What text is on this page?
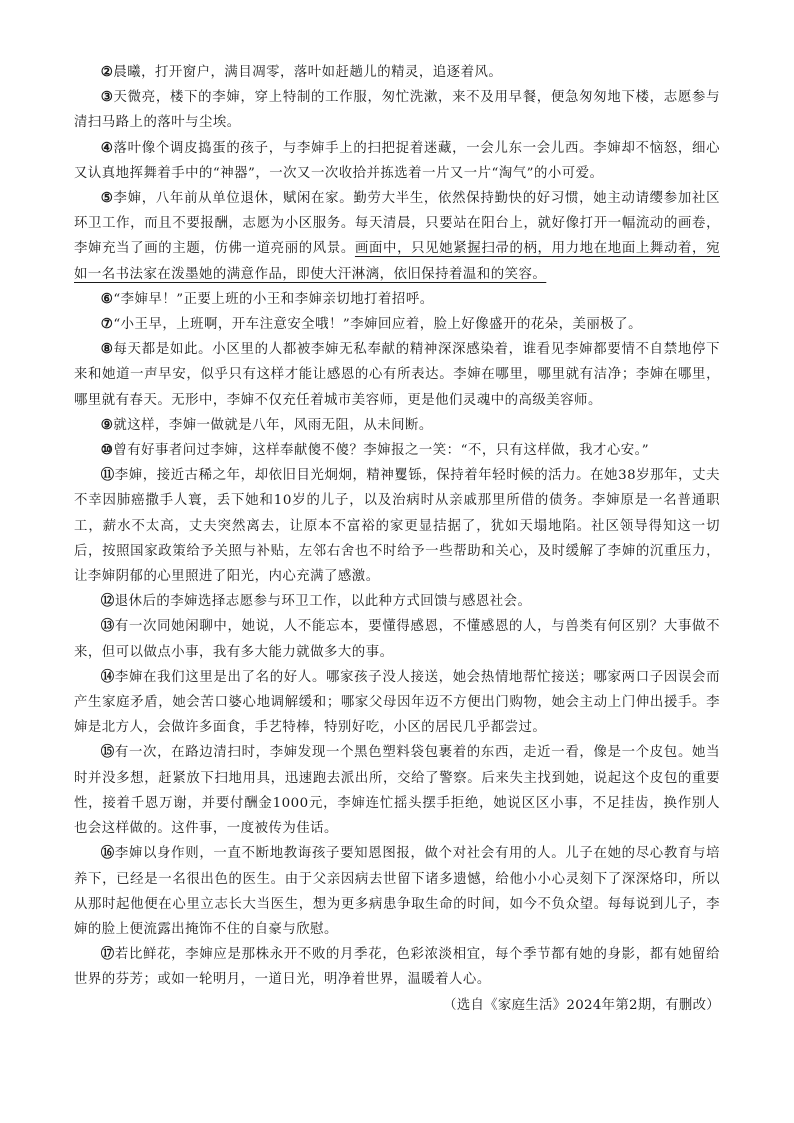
②晨曦，打开窗户，满目凋零，落叶如赶趟儿的精灵，追逐着风。

③天微亮，楼下的李婶，穿上特制的工作服，匆忙洗漱，来不及用早餐，便急匆匆地下楼，志愿参与清扫马路上的落叶与尘埃。

④落叶像个调皮捣蛋的孩子，与李婶手上的扫把捉着迷藏，一会儿东一会儿西。李婶却不恼怒，细心又认真地挥舞着手中的“神器”，一次又一次收拾并拣选着一片又一片“淘气”的小可爱。

⑤李婶，八年前从单位退休，赋闲在家。勤劳大半生，依然保持勤快的好习惯，她主动请缨参加社区环卫工作，而且不要报酬，志愿为小区服务。每天清晨，只要站在阳台上，就好像打开一幅流动的画卷，李婶充当了画的主题，仿佛一道亮丽的风景。画面中，只见她紧握扫帚的柄，用力地在地面上舞动着，宛如一名书法家在泼墨她的满意作品，即使大汗淋漓，依旧保持着温和的笑容。

⑥“李婶早！”正要上班的小王和李婶亲切地打着招呼。

⑦“小王早，上班啊，开车注意安全哦！”李婶回应着，脸上好像盛开的花朵，美丽极了。

⑧每天都是如此。小区里的人都被李婶无私奉献的精神深深感染着，谁看见李婶都要情不自禁地停下来和她道一声早安，似乎只有这样才能让感恩的心有所表达。李婶在哪里，哪里就有洁净；李婶在哪里，哪里就有春天。无形中，李婶不仅充任着城市美容师，更是他们灵魂中的高级美容师。

⑨就这样，李婶一做就是八年，风雨无阻，从未间断。

⑩曾有好事者问过李婶，这样奉献傻不傻？李婶报之一笑：“不，只有这样做，我才心安。”

⑪李婶，接近古稀之年，却依旧目光炯炯，精神矍铄，保持着年轻时候的活力。在她38岁那年，丈夫不幸因肺癌撒手人寰，丢下她和10岁的儿子，以及治病时从亲戚那里所借的债务。李婶原是一名普通职工，薪水不太高，丈夫突然离去，让原本不富裕的家更显拮据了，犹如天塌地陷。社区领导得知这一切后，按照国家政策给予关照与补贴，左邻右舍也不时给予一些帮助和关心，及时缓解了李婶的沉重压力，让李婶阴郁的心里照进了阳光，内心充满了感激。

⑫退休后的李婶选择志愿参与环卫工作，以此种方式回馈与感恩社会。

⑬有一次同她闲聊中，她说，人不能忘本，要懂得感恩，不懂感恩的人，与兽类有何区别？大事做不来，但可以做点小事，我有多大能力就做多大的事。

⑭李婶在我们这里是出了名的好人。哪家孩子没人接送，她会热情地帮忙接送；哪家两口子因误会而产生家庭矛盾，她会苦口婆心地调解缓和；哪家父母因年迈不方便出门购物，她会主动上门伸出援手。李婶是北方人，会做许多面食，手艺特棒，特别好吃，小区的居民几乎都尝过。

⑮有一次，在路边清扫时，李婶发现一个黑色塑料袋包裹着的东西，走近一看，像是一个皮包。她当时并没多想，赶紧放下扫地用具，迅速跑去派出所，交给了警察。后来失主找到她，说起这个皮包的重要性，接着千恩万谢，并要付酬金1000元，李婶连忙摇头摆手拒绝，她说区区小事，不足挂齿，换作别人也会这样做的。这件事，一度被传为佳话。

⑯李婶以身作则，一直不断地教诲孩子要知恩图报，做个对社会有用的人。儿子在她的尽心教育与培养下，已经是一名很出色的医生。由于父亲因病去世留下诸多遗憾，给他小小心灵刻下了深深烙印，所以从那时起他便在心里立志长大当医生，想为更多病患争取生命的时间，如今不负众望。每每说到儿子，李婶的脸上便流露出掩饰不住的自豪与欣慰。

⑰若比鲜花，李婶应是那株永开不败的月季花，色彩浓淡相宜，每个季节都有她的身影，都有她留给世界的芬芳；或如一轮明月，一道日光，明净着世界，温暖着人心。

（选自《家庭生活》2024年第2期，有删改）
